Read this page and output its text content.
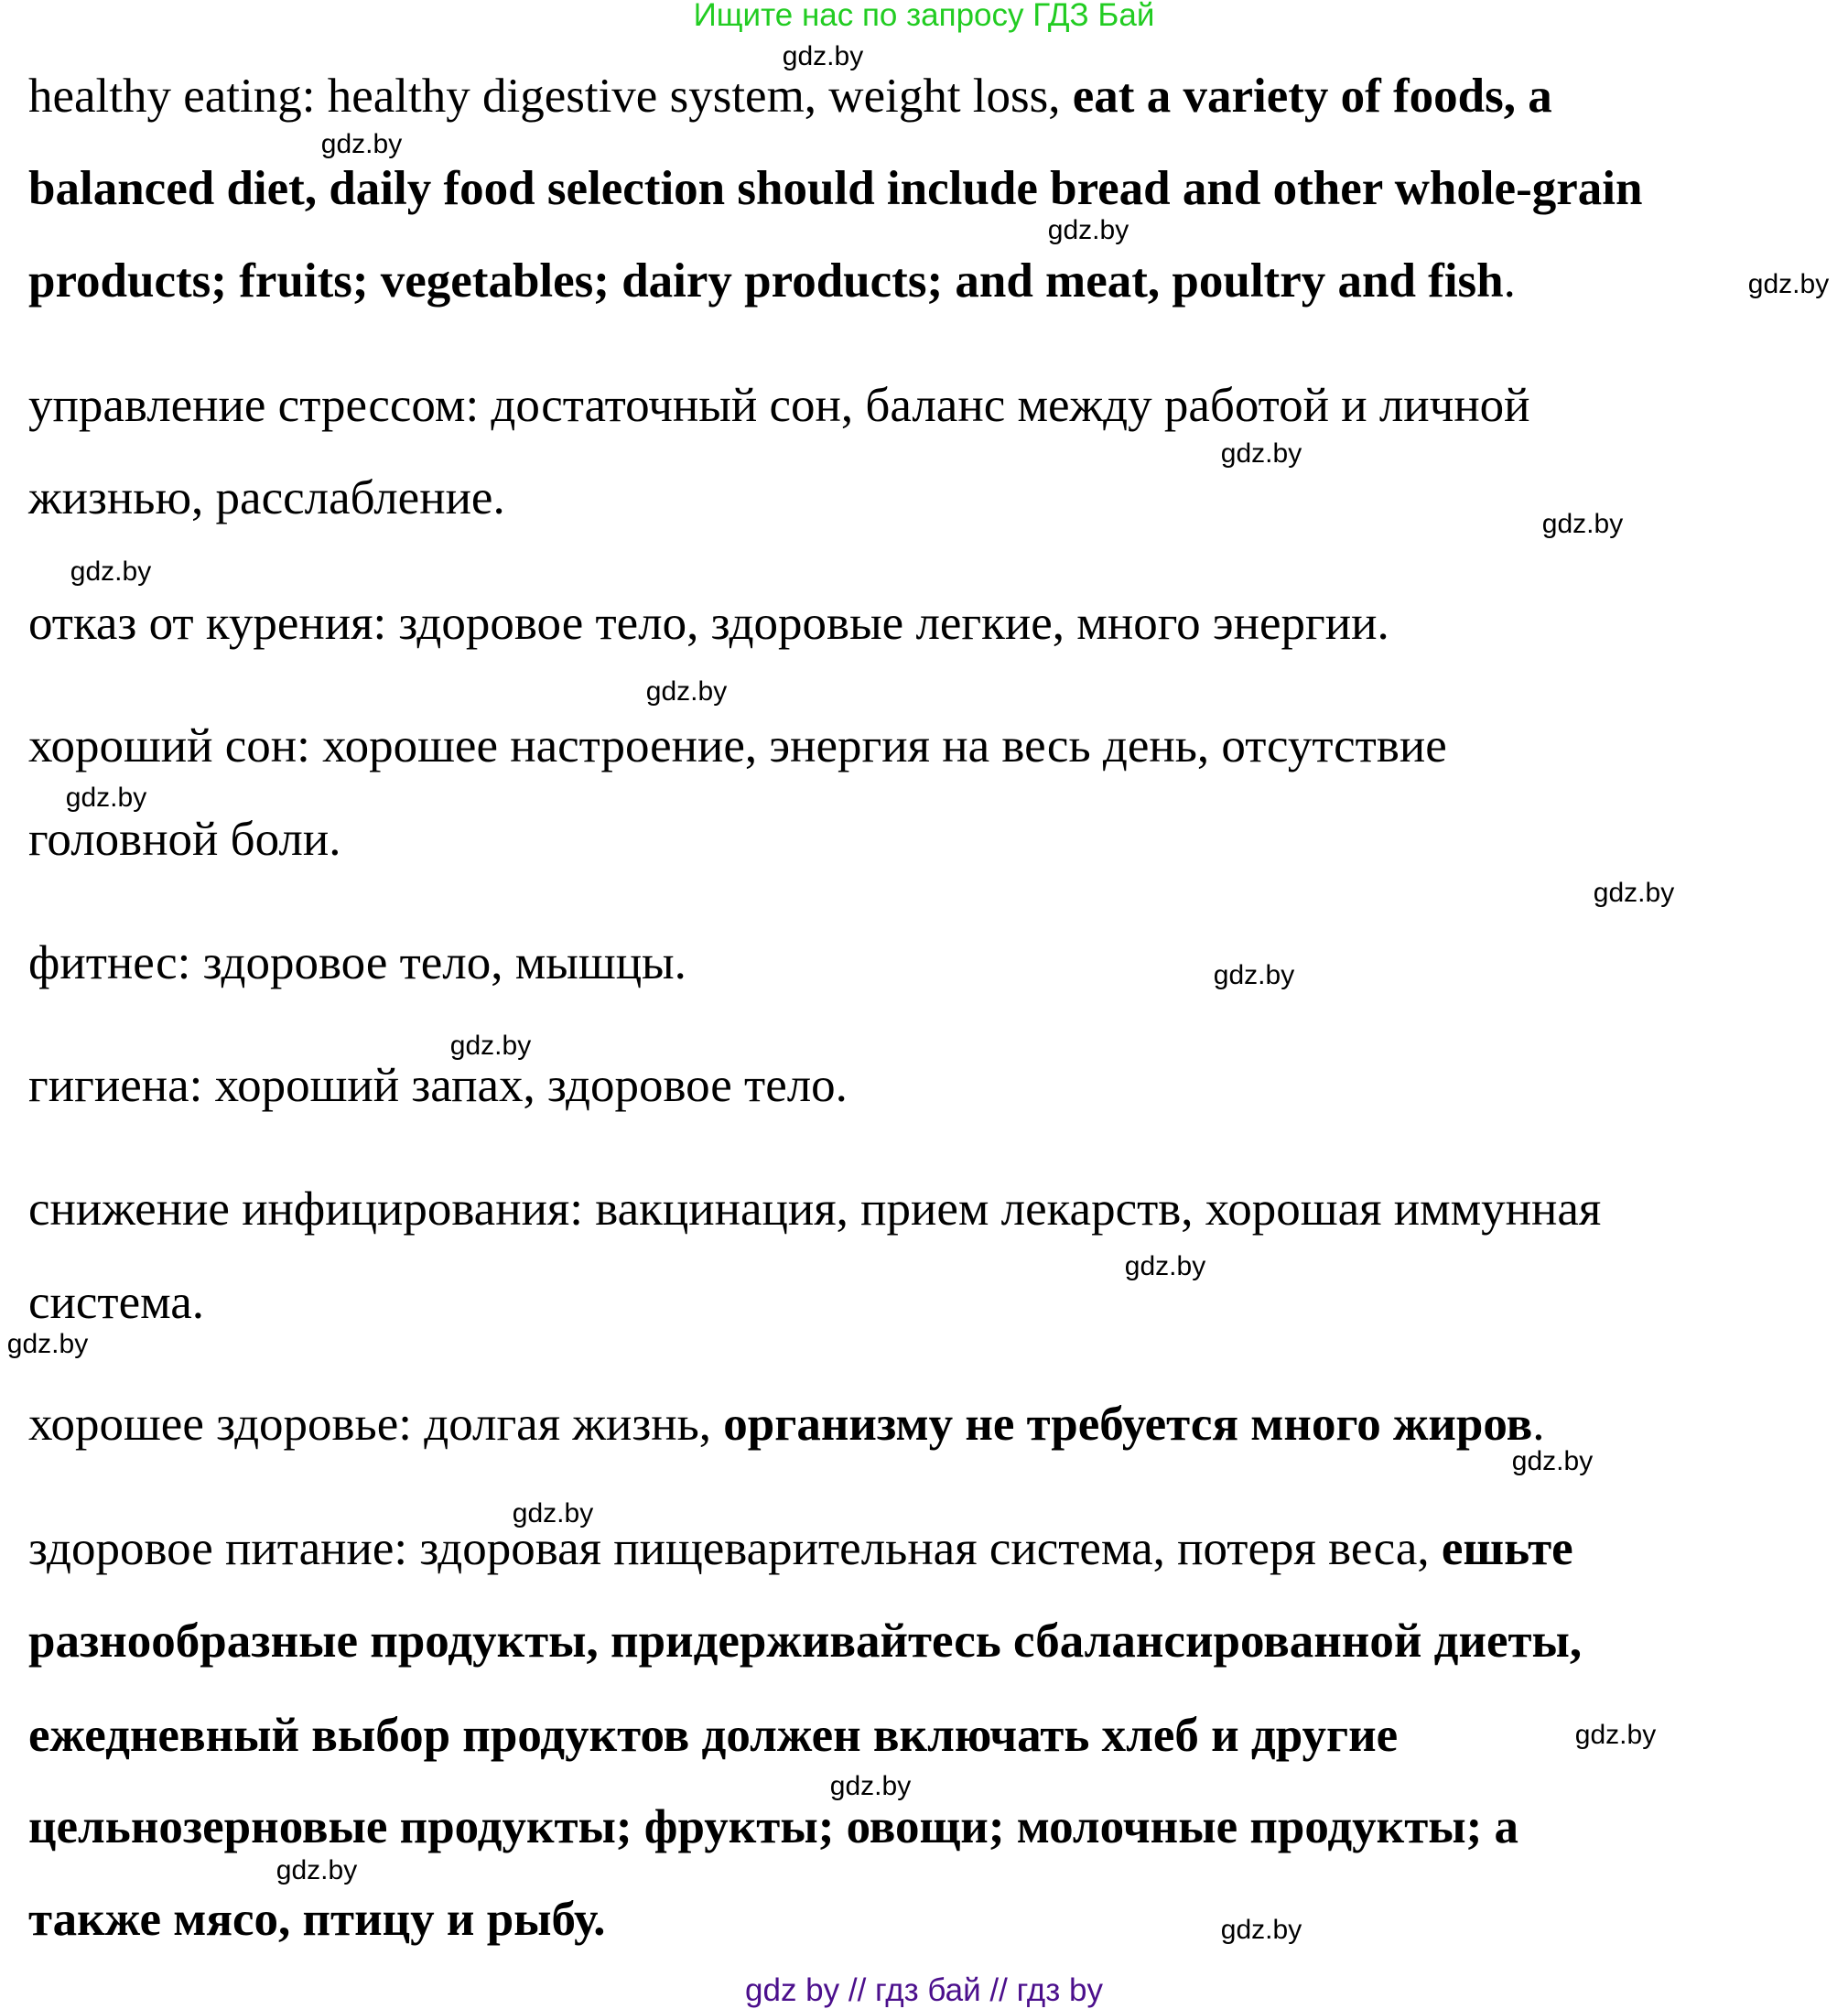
Ищите нас по запросу ГДЗ Бай
healthy eating: healthy digestive system, weight loss, eat a variety of foods, a
balanced diet, daily food selection should include bread and other whole-grain
products; fruits; vegetables; dairy products; and meat, poultry and fish.
управление стрессом: достаточный сон, баланс между работой и личной
жизнью, расслабление.
отказ от курения: здоровое тело, здоровые легкие, много энергии.
хороший сон: хорошее настроение, энергия на весь день, отсутствие
головной боли.
фитнес: здоровое тело, мышцы.
гигиена: хороший запах, здоровое тело.
снижение инфицирования: вакцинация, прием лекарств, хорошая иммунная
система.
хорошее здоровье: долгая жизнь, организму не требуется много жиров.
здоровое питание: здоровая пищеварительная система, потеря веса, ешьте
разнообразные продукты, придерживайтесь сбалансированной диеты,
ежедневный выбор продуктов должен включать хлеб и другие
цельнозерновые продукты; фрукты; овощи; молочные продукты; а
также мясо, птицу и рыбу.
gdz.by
gdz.by
gdz.by
gdz.by
gdz.by
gdz.by
gdz.by
gdz.by
gdz.by
gdz.by
gdz.by
gdz.by
gdz.by
gdz.by
gdz.by
gdz.by
gdz.by
gdz.by
gdz.by
gdz.by
gdz by // гдз бай // гдз by
